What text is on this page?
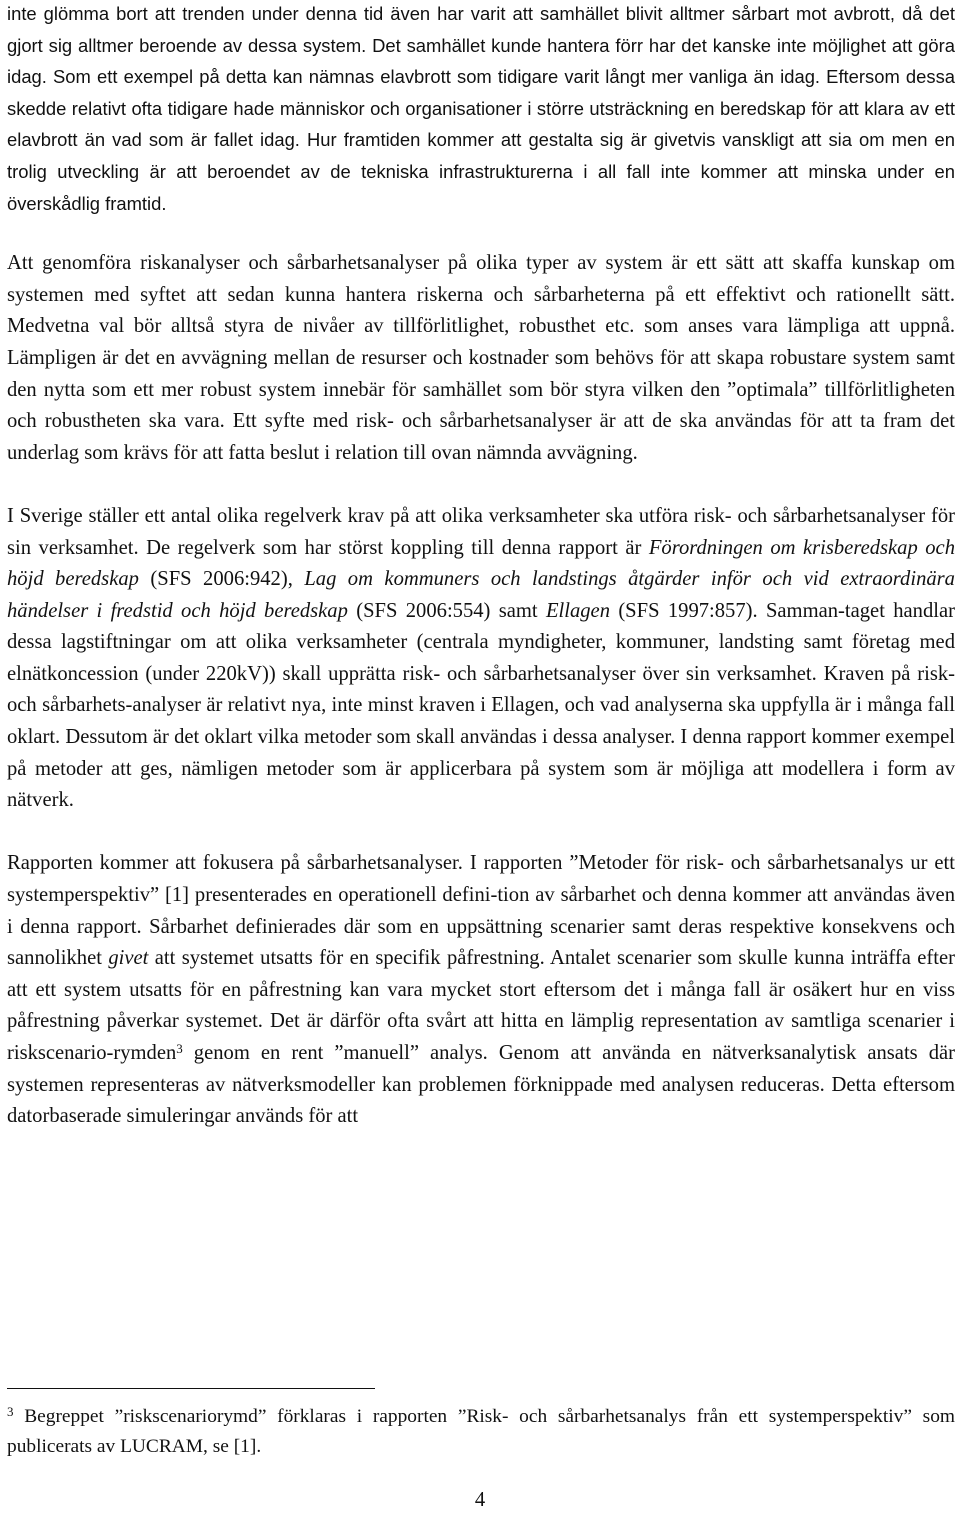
inte glömma bort att trenden under denna tid även har varit att samhället blivit alltmer sårbart mot avbrott, då det gjort sig alltmer beroende av dessa system. Det samhället kunde hantera förr har det kanske inte möjlighet att göra idag. Som ett exempel på detta kan nämnas elavbrott som tidigare varit långt mer vanliga än idag. Eftersom dessa skedde relativt ofta tidigare hade människor och organisationer i större utsträckning en beredskap för att klara av ett elavbrott än vad som är fallet idag. Hur framtiden kommer att gestalta sig är givetvis vanskligt att sia om men en trolig utveckling är att beroendet av de tekniska infrastrukturerna i all fall inte kommer att minska under en överskådlig framtid.

Att genomföra riskanalyser och sårbarhetsanalyser på olika typer av system är ett sätt att skaffa kunskap om systemen med syftet att sedan kunna hantera riskerna och sårbarheterna på ett effektivt och rationellt sätt. Medvetna val bör alltså styra de nivåer av tillförlitlighet, robusthet etc. som anses vara lämpliga att uppnå. Lämpligen är det en avvägning mellan de resurser och kostnader som behövs för att skapa robustare system samt den nytta som ett mer robust system innebär för samhället som bör styra vilken den ”optimala” tillförlitligheten och robustheten ska vara. Ett syfte med risk- och sårbarhetsanalyser är att de ska användas för att ta fram det underlag som krävs för att fatta beslut i relation till ovan nämnda avvägning.

I Sverige ställer ett antal olika regelverk krav på att olika verksamheter ska utföra risk- och sårbarhetsanalyser för sin verksamhet. De regelverk som har störst koppling till denna rapport är Förordningen om krisberedskap och höjd beredskap (SFS 2006:942), Lag om kommuners och landstings åtgärder inför och vid extraordinära händelser i fredstid och höjd beredskap (SFS 2006:554) samt Ellagen (SFS 1997:857). Samman-taget handlar dessa lagstiftningar om att olika verksamheter (centrala myndigheter, kommuner, landsting samt företag med elnätkoncession (under 220kV)) skall upprätta risk- och sårbarhetsanalyser över sin verksamhet. Kraven på risk- och sårbarhets-analyser är relativt nya, inte minst kraven i Ellagen, och vad analyserna ska uppfylla är i många fall oklart. Dessutom är det oklart vilka metoder som skall användas i dessa analyser. I denna rapport kommer exempel på metoder att ges, nämligen metoder som är applicerbara på system som är möjliga att modellera i form av nätverk.

Rapporten kommer att fokusera på sårbarhetsanalyser. I rapporten ”Metoder för risk- och sårbarhetsanalys ur ett systemperspektiv” [1] presenterades en operationell defini-tion av sårbarhet och denna kommer att användas även i denna rapport. Sårbarhet definierades där som en uppsättning scenarier samt deras respektive konsekvens och sannolikhet givet att systemet utsatts för en specifik påfrestning. Antalet scenarier som skulle kunna inträffa efter att ett system utsatts för en påfrestning kan vara mycket stort eftersom det i många fall är osäkert hur en viss påfrestning påverkar systemet. Det är därför ofta svårt att hitta en lämplig representation av samtliga scenarier i riskscenario-rymden$^3$ genom en rent ”manuell” analys. Genom att använda en nätverksanalytisk ansats där systemen representeras av nätverksmodeller kan problemen förknippade med analysen reduceras. Detta eftersom datorbaserade simuleringar används för att

$^3$ Begreppet ”riskscenariorymd” förklaras i rapporten ”Risk- och sårbarhetsanalys från ett systemperspektiv” som publicerats av LUCRAM, se [1].

4
